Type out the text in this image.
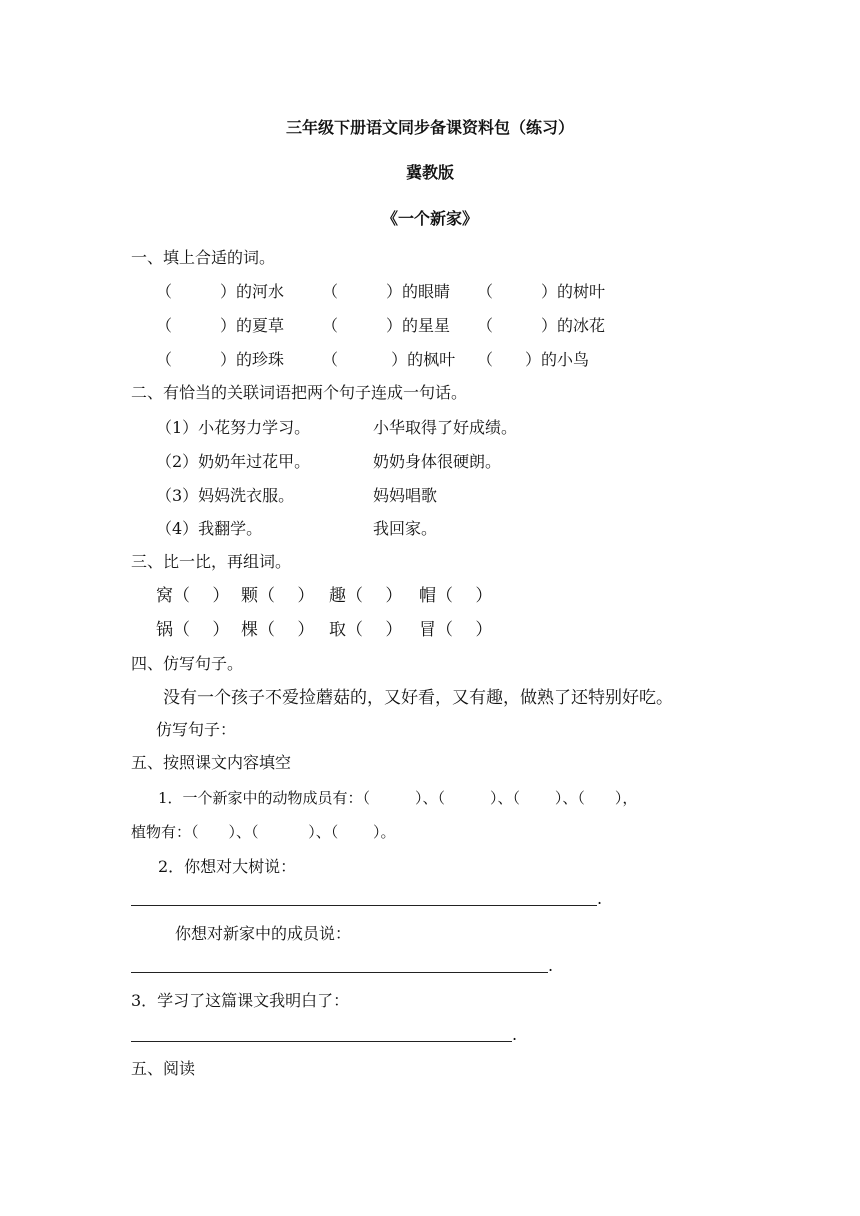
三年级下册语文同步备课资料包（练习）
冀教版
《一个新家》
一、填上合适的词。
（　　　）的河水 （　　　）的眼睛 （　　　）的树叶
（　　　）的夏草 （　　　）的星星 （　　　）的冰花
（　　　）的珍珠 （　　　 ）的枫叶 （　　）的小鸟
二、有恰当的关联词语把两个句子连成一句话。
（1）小花努力学习。	小华取得了好成绩。
（2）奶奶年过花甲。	奶奶身体很硬朗。
（3）妈妈洗衣服。	妈妈唱歌
（4）我翻学。	我回家。
三、比一比，再组词。
窝（　 ） 颗（　 ） 趣（　 ） 帽（　 ）
锅（　 ） 棵（　 ） 取（　 ） 冒（　 ）
四、仿写句子。
没有一个孩子不爱捡蘑菇的，又好看，又有趣，做熟了还特别好吃。
仿写句子：
五、按照课文内容填空
1．一个新家中的动物成员有：（　　　）、（　　　）、（　　 ）、（　　），
植物有：（　　）、（　　　 ）、（　　 ）。
2．你想对大树说：
.
你想对新家中的成员说：
.
3．学习了这篇课文我明白了：
.
五、阅读
